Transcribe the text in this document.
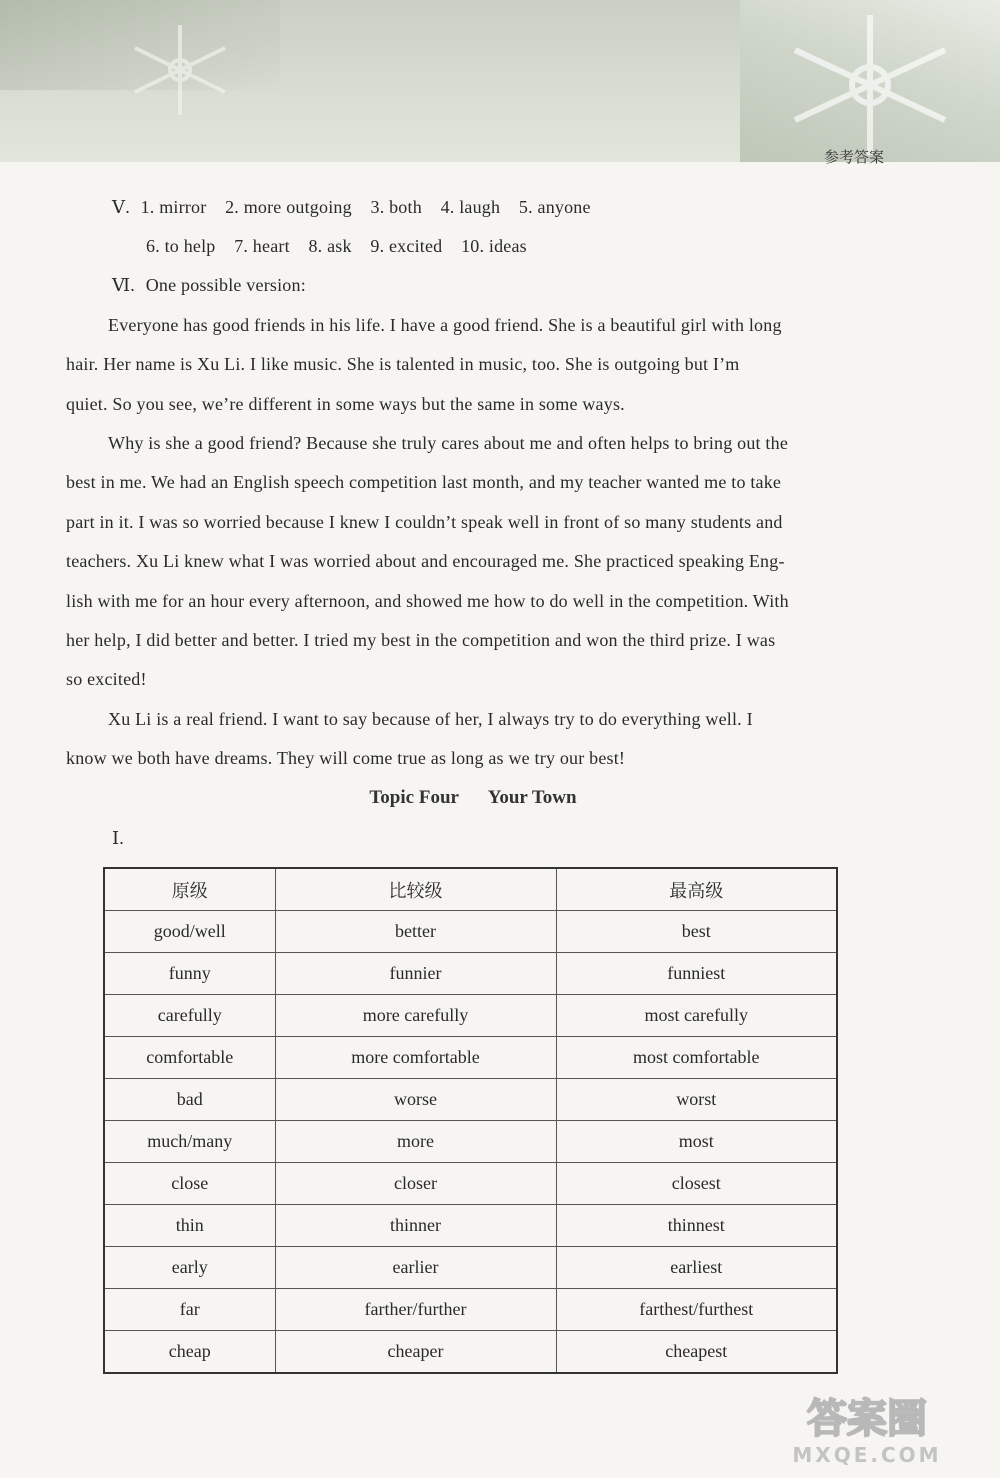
参考答案
Ⅴ. 1. mirror 2. more outgoing 3. both 4. laugh 5. anyone
6. to help 7. heart 8. ask 9. excited 10. ideas
Ⅵ. One possible version:
Everyone has good friends in his life. I have a good friend. She is a beautiful girl with long
hair. Her name is Xu Li. I like music. She is talented in music, too. She is outgoing but I’m
quiet. So you see, we’re different in some ways but the same in some ways.
Why is she a good friend? Because she truly cares about me and often helps to bring out the
best in me. We had an English speech competition last month, and my teacher wanted me to take
part in it. I was so worried because I knew I couldn’t speak well in front of so many students and
teachers. Xu Li knew what I was worried about and encouraged me. She practiced speaking Eng-
lish with me for an hour every afternoon, and showed me how to do well in the competition. With
her help, I did better and better. I tried my best in the competition and won the third prize. I was
so excited!
Xu Li is a real friend. I want to say because of her, I always try to do everything well. I
know we both have dreams. They will come true as long as we try our best!
Topic Four Your Town
Ⅰ.
原级	比较级	最高级
good/well	better	best
funny	funnier	funniest
carefully	more carefully	most carefully
comfortable	more comfortable	most comfortable
bad	worse	worst
much/many	more	most
close	closer	closest
thin	thinner	thinnest
early	earlier	earliest
far	farther/further	farthest/furthest
cheap	cheaper	cheapest
答案圈
MXQE.COM
